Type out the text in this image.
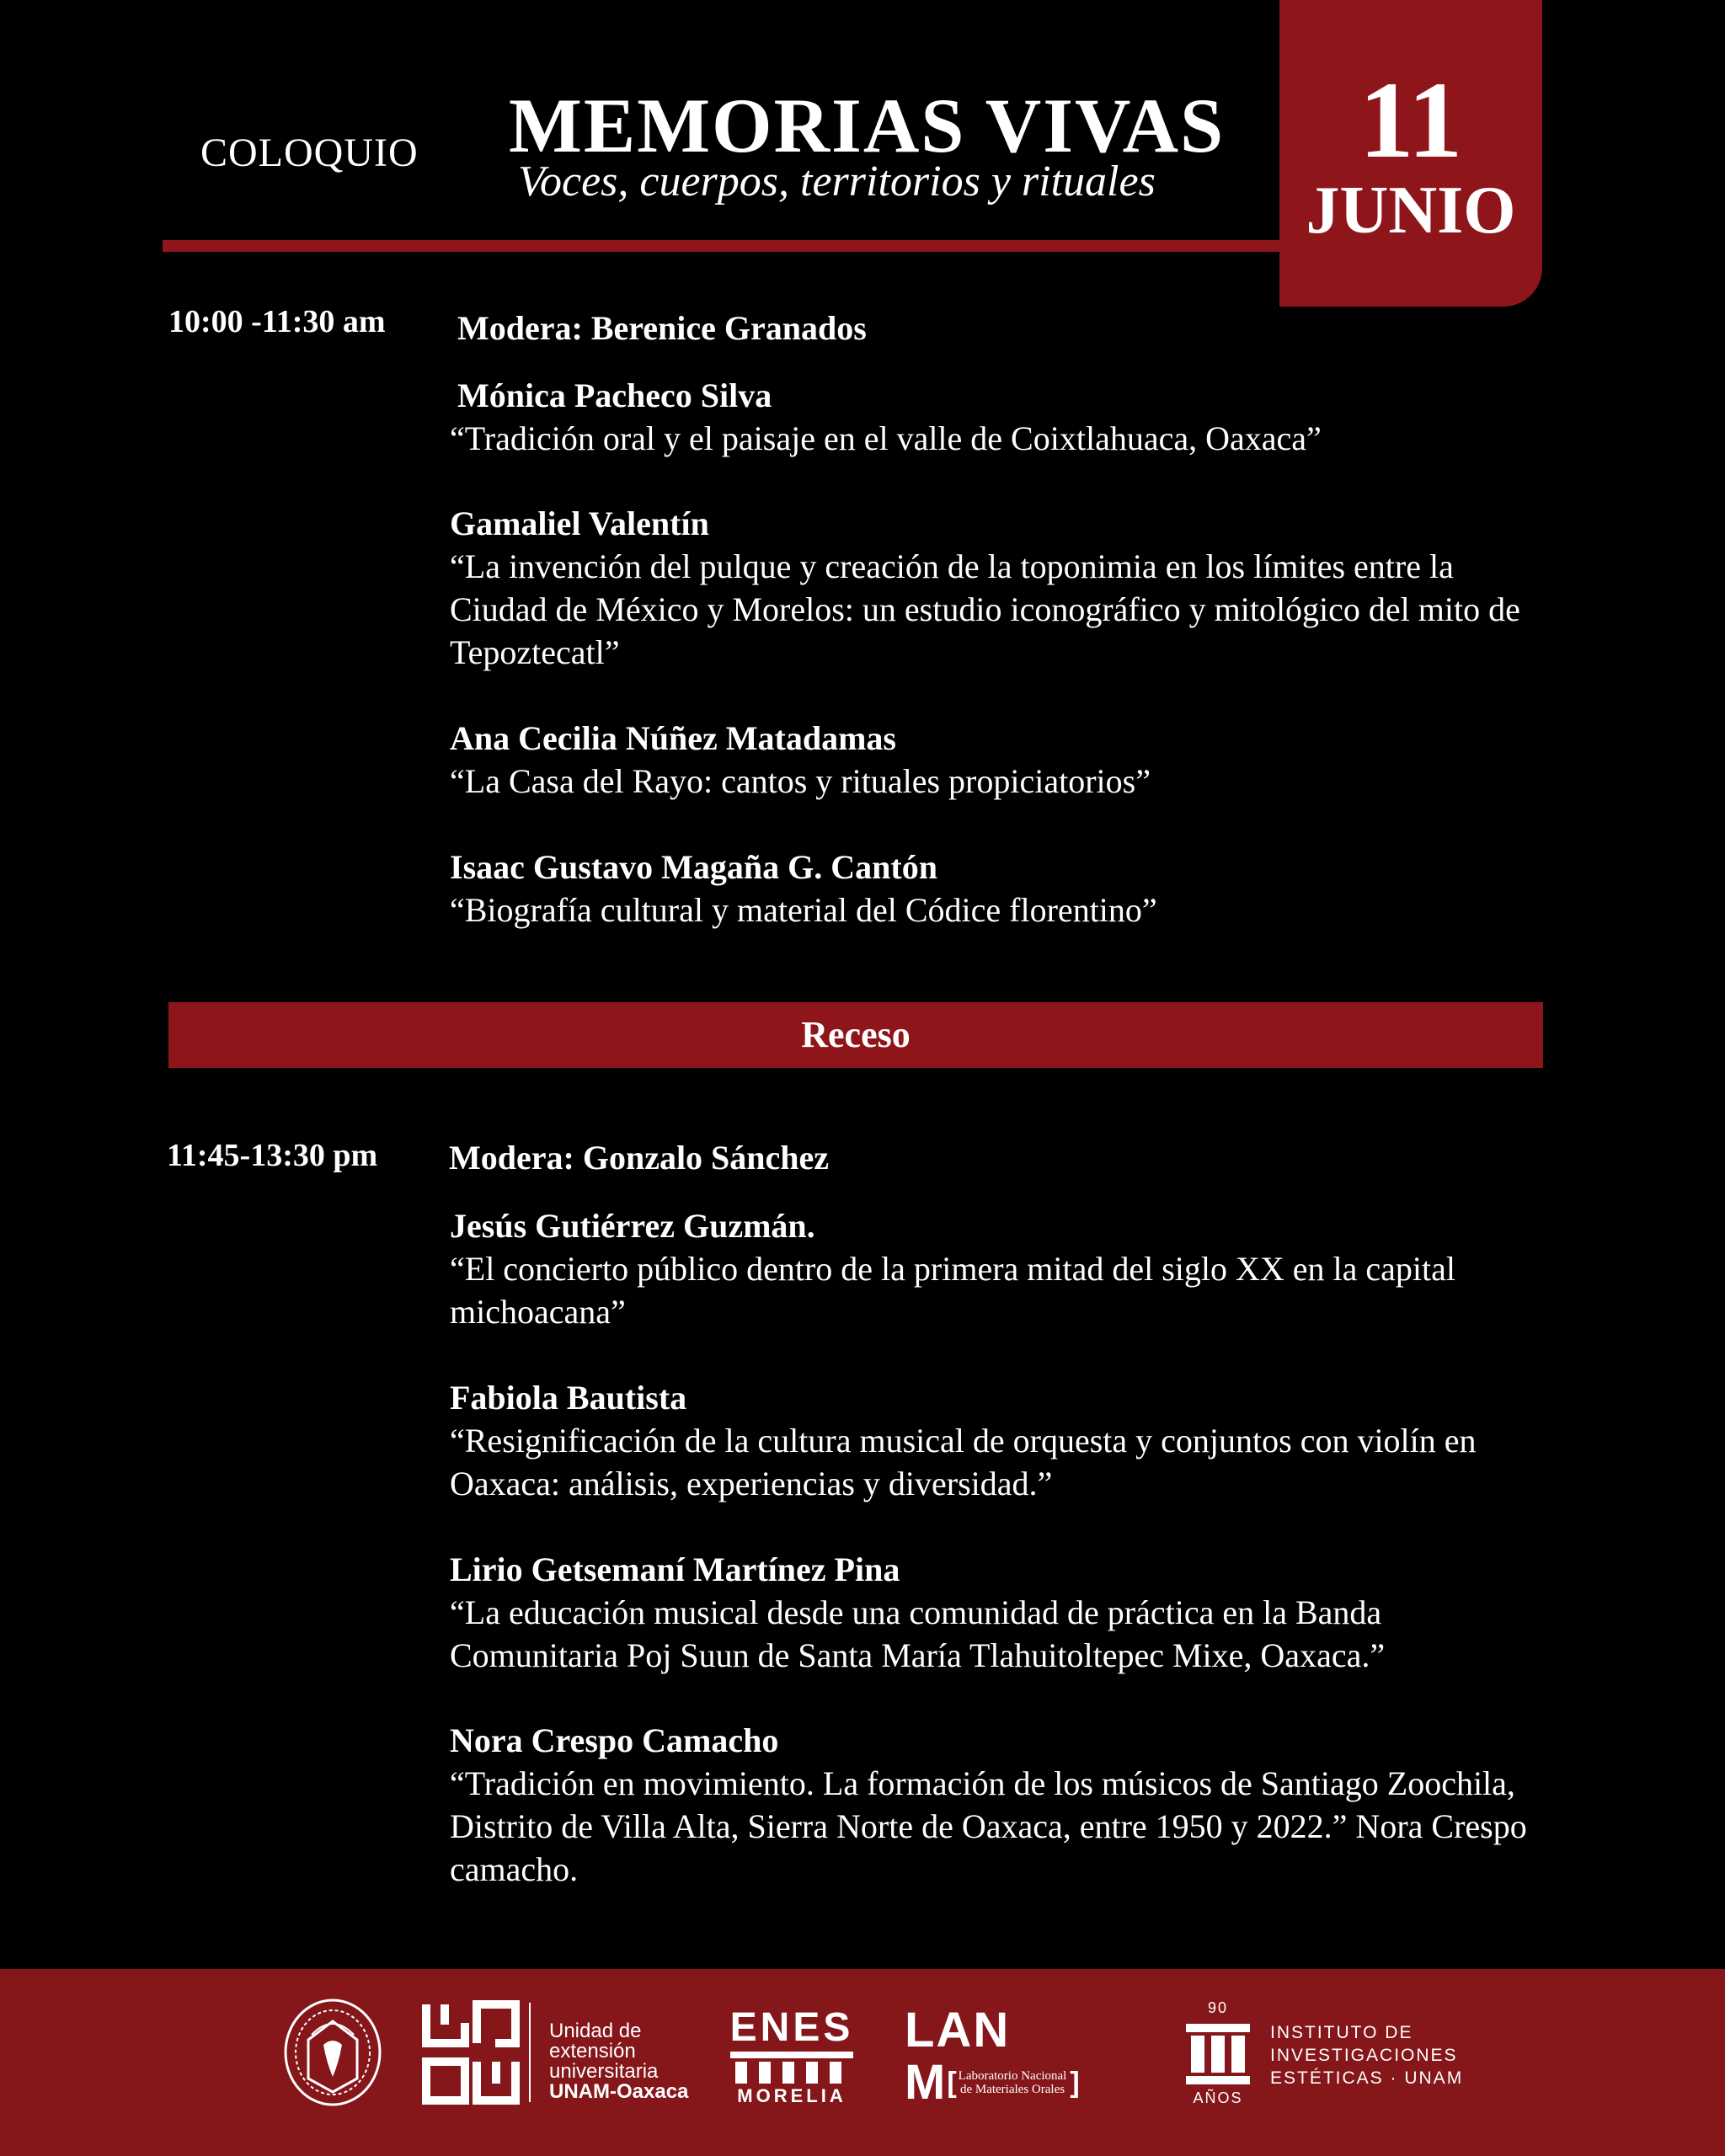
COLOQUIO MEMORIAS VIVAS
Voces, cuerpos, territorios y rituales
11
JUNIO
10:00 -11:30 am Modera: Berenice Granados
Mónica Pacheco Silva
“Tradición oral y el paisaje en el valle de Coixtlahuaca, Oaxaca”
Gamaliel Valentín
“La invención del pulque y creación de la toponimia en los límites entre la Ciudad de México y Morelos: un estudio iconográfico y mitológico del mito de Tepoztecatl”
Ana Cecilia Núñez Matadamas
“La Casa del Rayo: cantos y rituales propiciatorios”
Isaac Gustavo Magaña G. Cantón
“Biografía cultural y material del Códice florentino”
Receso
11:45-13:30 pm Modera: Gonzalo Sánchez
Jesús Gutiérrez Guzmán.
“El concierto público dentro de la primera mitad del siglo XX en la capital michoacana”
Fabiola Bautista
“Resignificación de la cultura musical de orquesta y conjuntos con violín en Oaxaca: análisis, experiencias y diversidad.”
Lirio Getsemaní Martínez Pina
“La educación musical desde una comunidad de práctica en la Banda Comunitaria Poj Suun de Santa María Tlahuitoltepec Mixe, Oaxaca.”
Nora Crespo Camacho
“Tradición en movimiento. La formación de los músicos de Santiago Zoochila, Distrito de Villa Alta, Sierra Norte de Oaxaca, entre 1950 y 2022.” Nora Crespo camacho.
Unidad de
extensión
universitaria
UNAM-Oaxaca
ENES
MORELIA
LAN
M [ Laboratorio Nacional
de Materiales Orales ]
90
AÑOS
INSTITUTO DE
INVESTIGACIONES
ESTÉTICAS · UNAM
